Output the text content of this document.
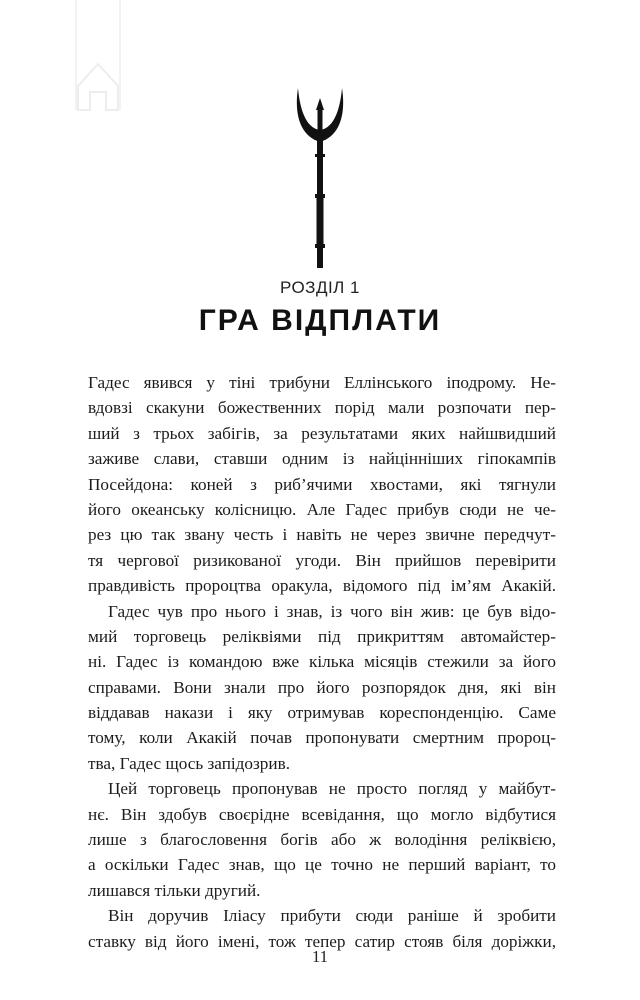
РОЗДІЛ 1
ГРА ВІДПЛАТИ
Гадес явився у тіні трибуни Еллінського іподрому. Не-
вдовзі скакуни божественних порід мали розпочати пер-
ший з трьох забігів, за результатами яких найшвидший
заживе слави, ставши одним із найцінніших гіпокампів
Посейдона: коней з риб’ячими хвостами, які тягнули
його океанську колісницю. Але Гадес прибув сюди не че-
рез цю так звану честь і навіть не через звичне передчут-
тя чергової ризикованої угоди. Він прийшов перевірити
правдивість пророцтва оракула, відомого під ім’ям Акакій.
Гадес чув про нього і знав, із чого він жив: це був відо-
мий торговець реліквіями під прикриттям автомайстер-
ні. Гадес із командою вже кілька місяців стежили за його
справами. Вони знали про його розпорядок дня, які він
віддавав накази і яку отримував кореспонденцію. Саме
тому, коли Акакій почав пропонувати смертним пророц-
тва, Гадес щось запідозрив.
Цей торговець пропонував не просто погляд у майбут-
нє. Він здобув своєрідне всевідання, що могло відбутися
лише з благословення богів або ж володіння реліквією,
а оскільки Гадес знав, що це точно не перший варіант, то
лишався тільки другий.
Він доручив Іліасу прибути сюди раніше й зробити
ставку від його імені, тож тепер сатир стояв біля доріжки,
11
